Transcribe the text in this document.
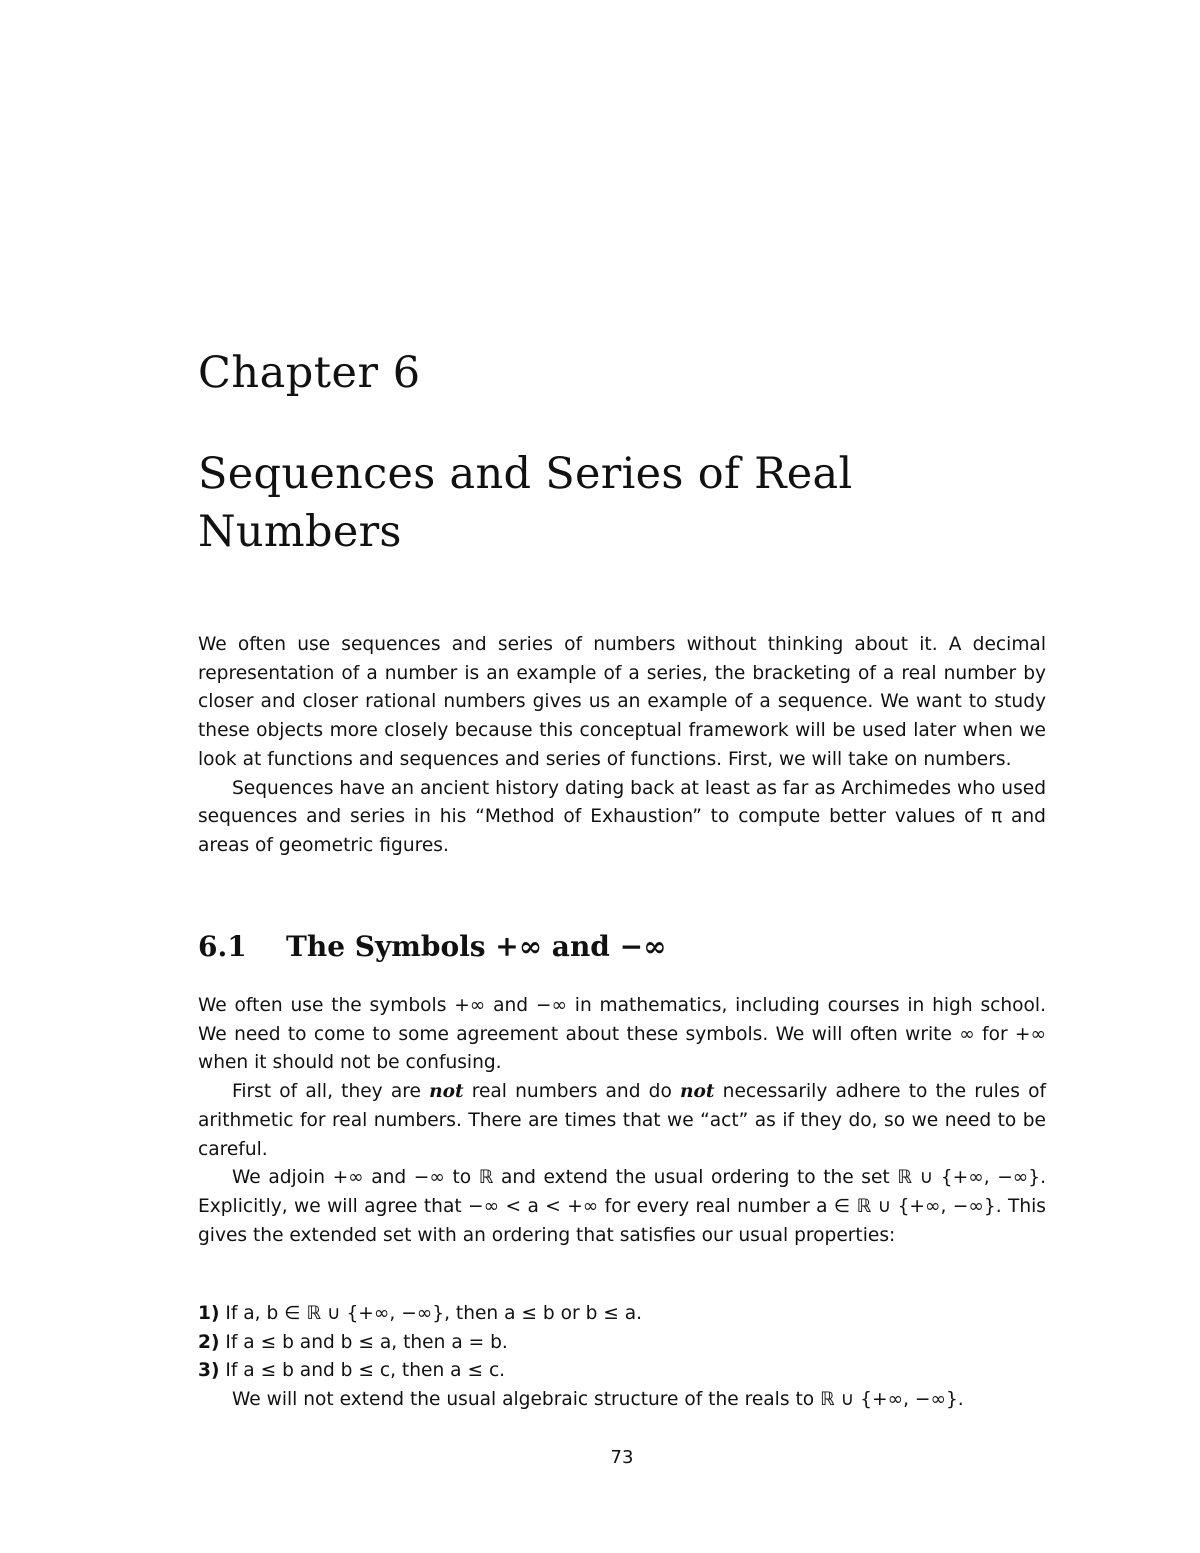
Chapter 6
Sequences and Series of Real
Numbers

We often use sequences and series of numbers without thinking about it. A decimal representation of a number is an example of a series, the bracketing of a real number by closer and closer rational numbers gives us an example of a sequence. We want to study these objects more closely because this conceptual framework will be used later when we look at functions and sequences and series of functions. First, we will take on numbers.

Sequences have an ancient history dating back at least as far as Archimedes who used sequences and series in his “Method of Exhaustion” to compute better values of π and areas of geometric figures.

6.1 The Symbols +∞ and −∞

We often use the symbols +∞ and −∞ in mathematics, including courses in high school. We need to come to some agreement about these symbols. We will often write ∞ for +∞ when it should not be confusing.

First of all, they are not real numbers and do not necessarily adhere to the rules of arithmetic for real numbers. There are times that we “act” as if they do, so we need to be careful.

We adjoin +∞ and −∞ to ℝ and extend the usual ordering to the set ℝ ∪ {+∞, −∞}. Explicitly, we will agree that −∞ < a < +∞ for every real number a ∈ ℝ ∪ {+∞, −∞}. This gives the extended set with an ordering that satisfies our usual properties:

1) If a, b ∈ ℝ ∪ {+∞, −∞}, then a ≤ b or b ≤ a.

2) If a ≤ b and b ≤ a, then a = b.

3) If a ≤ b and b ≤ c, then a ≤ c.

We will not extend the usual algebraic structure of the reals to ℝ ∪ {+∞, −∞}.

73
